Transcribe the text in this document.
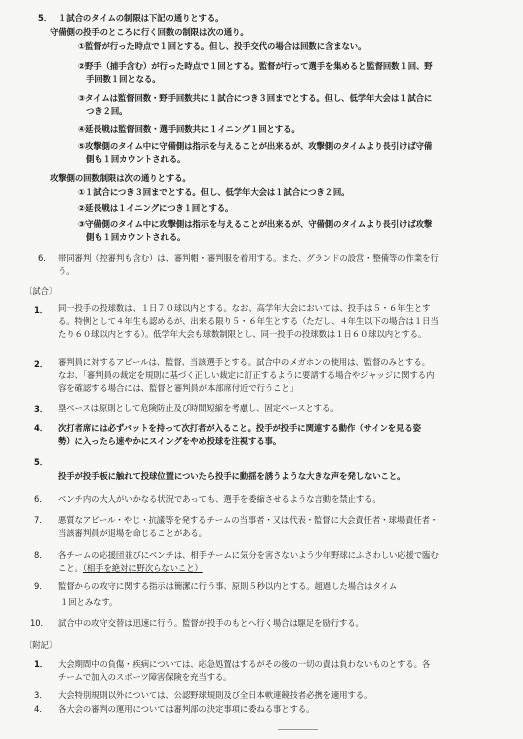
5． １試合のタイムの制限は下記の通りとする。
守備側の投手のところに行く回数の制限は次の通り。
①監督が行った時点で１回とする。但し、投手交代の場合は回数に含まない。
②野手（捕手含む）が行った時点で１回とする。監督が行って選手を集めると監督回数１回、野
手回数１回となる。
③タイムは監督回数・野手回数共に１試合につき３回までとする。但し、低学年大会は１試合に
つき２回。
④延長戦は監督回数・選手回数共に１イニング１回とする。
⑤攻撃側のタイム中に守備側は指示を与えることが出来るが、攻撃側のタイムより長引けば守備
側も１回カウントされる。
攻撃側の回数制限は次の通りとする。
①１試合につき３回までとする。但し、低学年大会は１試合につき２回。
②延長戦は１イニングにつき１回とする。
③守備側のタイム中に攻撃側は指示を与えることが出来るが、守備側のタイムより長引けば攻撃
側も１回カウントされる。
6． 帯同審判（控審判も含む）は、審判帽・審判服を着用する。また、グランドの設営・整備等の作業を行
う。
〔試合〕
1． 同一投手の投球数は、１日７０球以内とする。なお、高学年大会においては、投手は５・６年生とす
る。特例として４年生も認めるが、出来る限り５・６年生とする（ただし、４年生以下の場合は１日当
たり６０球以内とする）。低学年大会も球数制限とし、同一投手の投球数は１日６０球以内とする。
2． 審判員に対するアピールは、監督、当該選手とする。試合中のメガホンの使用は、監督のみとする。
なお、「審判員の裁定を規則に基づく正しい裁定に訂正するように要請する場合やジャッジに関する内
容を確認する場合には、監督と審判員が本部席付近で行うこと」
3． 塁ベースは原則として危険防止及び時間短縮を考慮し、固定ベースとする。
4． 次打者席には必ずバットを持って次打者が入ること。投手が投手に関連する動作（サインを見る姿
勢）に入ったら速やかにスイングをやめ投球を注視する事。
5．
投手が投手板に触れて投球位置についたら投手に動揺を誘うような大きな声を発しないこと。
6． ベンチ内の大人がいかなる状況であっても、選手を委縮させるような言動を禁止する。
7． 悪質なアピール・やじ・抗議等を発するチームの当事者・又は代表・監督に大会責任者・球場責任者・
当該審判員が退場を命じることがある。
8． 各チームの応援団並びにベンチは、相手チームに気分を害さないよう少年野球にふさわしい応援で臨む
こと。（相手を絶対に野次らないこと）
9． 監督からの攻守に関する指示は簡潔に行う事、原則５秒以内とする。超過した場合はタイム
１回とみなす。
10． 試合中の攻守交替は迅速に行う。監督が投手のもとへ行く場合は駆足を励行する。
〔附記〕
1． 大会期間中の負傷・疾病については、応急処置はするがその後の一切の責は負わないものとする。各
チームで加入のスポーツ障害保険を充当する。
3． 大会特別規則以外については、公認野球規則及び全日本軟連競技者必携を適用する。
4． 各大会の審判の運用については審判部の決定事項に委ねる事とする。
